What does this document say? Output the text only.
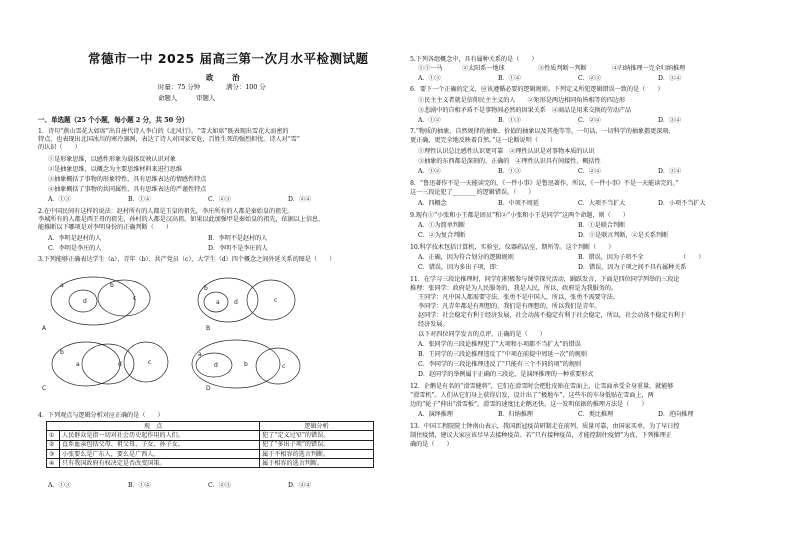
常德市一中 2025 届高三第一次月水平检测试题
政 治
时量：75 分钟	满分：100 分
命题人	审题人
一、单选题（25 个小题，每小题 2 分，共 50 分）
1．诗句“燕山雪花大如席”出自唐代诗人李白的《北风行》。“雪大如席”既表现出雪花大而密的
特点，也表现出北国冰川的寒冷凛冽，表达了诗人对国家安危、百姓生死的强烈担忧。诗人对“雪”
的认识（　　）
①是形象思维，以感性形象为载体反映认识对象
②是抽象思维，以概念为主要思维材料来进行思维
③抽象概括了事物的形象特性，具有思维表达的情感性特点
④抽象概括了事物的共同属性，具有思维表达的严谨性特点
A．①③	B．①④	C．②③	D．②④
2.在中国民间有这样的说法：赵村所有的人都是玉皇的祖先，李庄所有的人都是秦始皇的祖先。
李城所有的人都是西王母的祖先，孙村的人都是汉高祖。如果以此加强甲是秦始皇的祖先，依据以上信息，
能推断以下哪项是对李明身份的正确判断（　　）
A．李明是赵村的人	B．李明不是赵村的人
C．李明是李庄的人	D．李明不是李庄的人
3.下列能够正确表达学生（a）、青年（b）、共产党员（c）、大学生（d）四个概念之间外延关系的图是（　　）
a
d
b
c
A
b
a d	c
B
b
a	d	c
C
a
d	b	c
D
4．下列观点与逻辑分析对应正确的是（　　）
观　点		逻辑分析
①	人民群众是指一切对社会历史起作用的人们。	犯了“定义过窄”的错误。
②	直系血亲包括父母、祖父母、子女、孙子女。	犯了“多出子项”的错误。
③	小张要么是广东人，要么是广西人。	属于不相容的选言判断。
④	只有我国政府有权决定是否改变国策。	属于相容的选言判断。
A．①③	B．①④	C．②③	D．②④
5.下列各组概念中，具有属种关系的是（　　）
①①一马	②太阳系一地球	③性质判断一判断	④归纳推理一完全归纳推理
A．①③	B．①④	C．②③	D．③④
6．要下一个正确的定义，应该遵循必要的逻辑规则。下列定义所犯逻辑错误一致的是（　　）
①民主主义者就是信仰民主主义的人　　②矩形是两边相同角皆相等的四边形
③悲剧中的自相矛盾不是事物间必然的因果关系　④商品是用来交换的劳动产品
A．①②	B．①③	C．②④	D．③④
7.“物质的抽象、自然规律的抽象、价值的抽象以及其他等等，一句话，一切科学的抽象都更深刻、
更正确、更完全地反映着自然。”这一论断说明（　　）
①理性认识总比感性认识更可靠　②理性认识是对事物本质的认识
③抽象的东西都是深刻的、正确的　④理性认识具有间接性、概括性
A．①②	B．①③	C．②④	D．③④
8．“鲁迅著作不是一天能读完的，《一件小事》是鲁迅著作，所以，《一件小事》不是一天能读完的。”
这一三段论犯了________的逻辑错误。（　　）
A．四概念	B．中项不周延	C．大项不当扩大	D．小项不当扩大
9.现有①“小张和小王都是团员”和②“小张和小王是同学”这两个命题，则（　　）
A．①为简单判断	B．①是联合判断
C．②为复合判断	D．①是联言判断，②是关系判断
10.科学技术包括计算机、实验室、仪器药品室，期所等。这个判断（　　）
A．正确，因为符合划分的逻辑规则	B．错误，因为子项不全	（　　）
C．错误，因为多出子项，即：	D．错误，因为子项之间不具有属种关系
11．在学习三段论推理时，同学们积极参与课堂探究活动，踊跃发言，下面是四位同学列举的三段论
推理：张同学：政府是为人民服务的，我是人民，所以，政府是为我服务的。
王同学：凡中国人都需要守法，张勇不是中国人，所以，张勇不需要守法。
李同学：凡青年都是有理想的，我们是有理想的，所以我们是青年。
赵同学：社会稳定有利于经济发展，社会动荡不稳定有利于社会稳定，所以，社会动荡不稳定有利于
经济发展。
以下对四位同学发言的点评，正确的是（　　）
A．张同学的三段论推理犯了“大项和小项都不当扩大”的错误
B．王同学的三段论推理违反了“中项在前提中周延一次”的规则
C．李同学的三段论推理违反了“只能有三个不同的项”的规则
D．赵同学的举例属于正确的三段论，是演绎推理的一种重要形式
12．企鹅是有名的“滑雪健将”，它们在滑雪时会把肚皮贴在雪面上，让雪面承受全身重量，就能够
“滑雪机”。人们从它们身上获得启发，设计出了“极地车”，这些车的车身低贴在雪面上，两
边的“轮子”伸出“滑雪板”，滑雪的速度比企鹅还快。这一发明依据的推理方法是（　　）
A．演绎推理	B．归纳推理	C．类比推理	D．逆向推理
13．中国工程院院士钟南山表示，我国新冠疫苗研制走在前列，质量可靠，由国家买单，为了早日控
制住疫情，建议大家应该尽早去接种疫苗。若“只有接种疫苗，才能控制住疫情”为真，下列推理正
确的是（　　）
